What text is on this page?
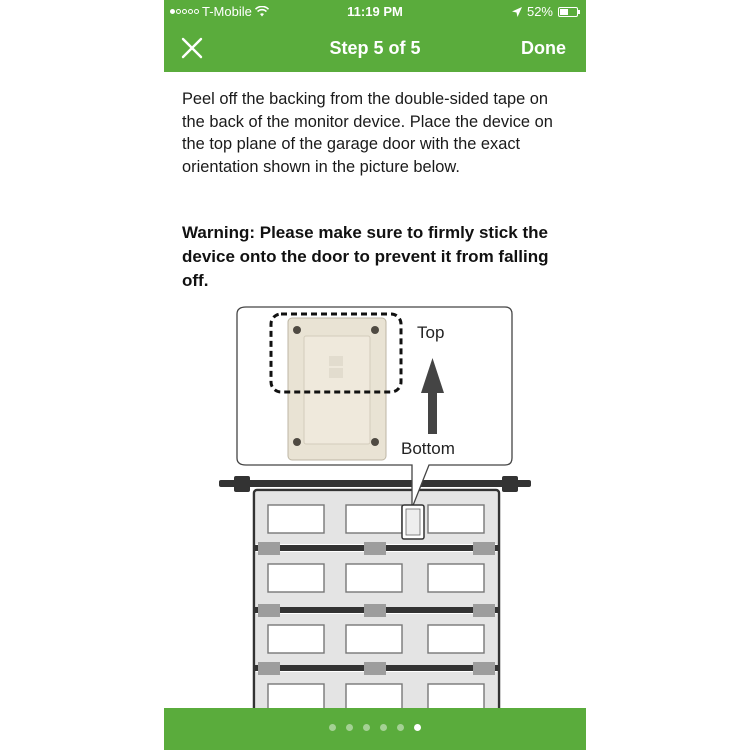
T-Mobile	11:19 PM	52%
Step 5 of 5	Done

Peel off the backing from the double-sided tape on the back of the monitor device. Place the device on the top plane of the garage door with the exact orientation shown in the picture below.

Warning: Please make sure to firmly stick the device onto the door to prevent it from falling off.

Top
Bottom
